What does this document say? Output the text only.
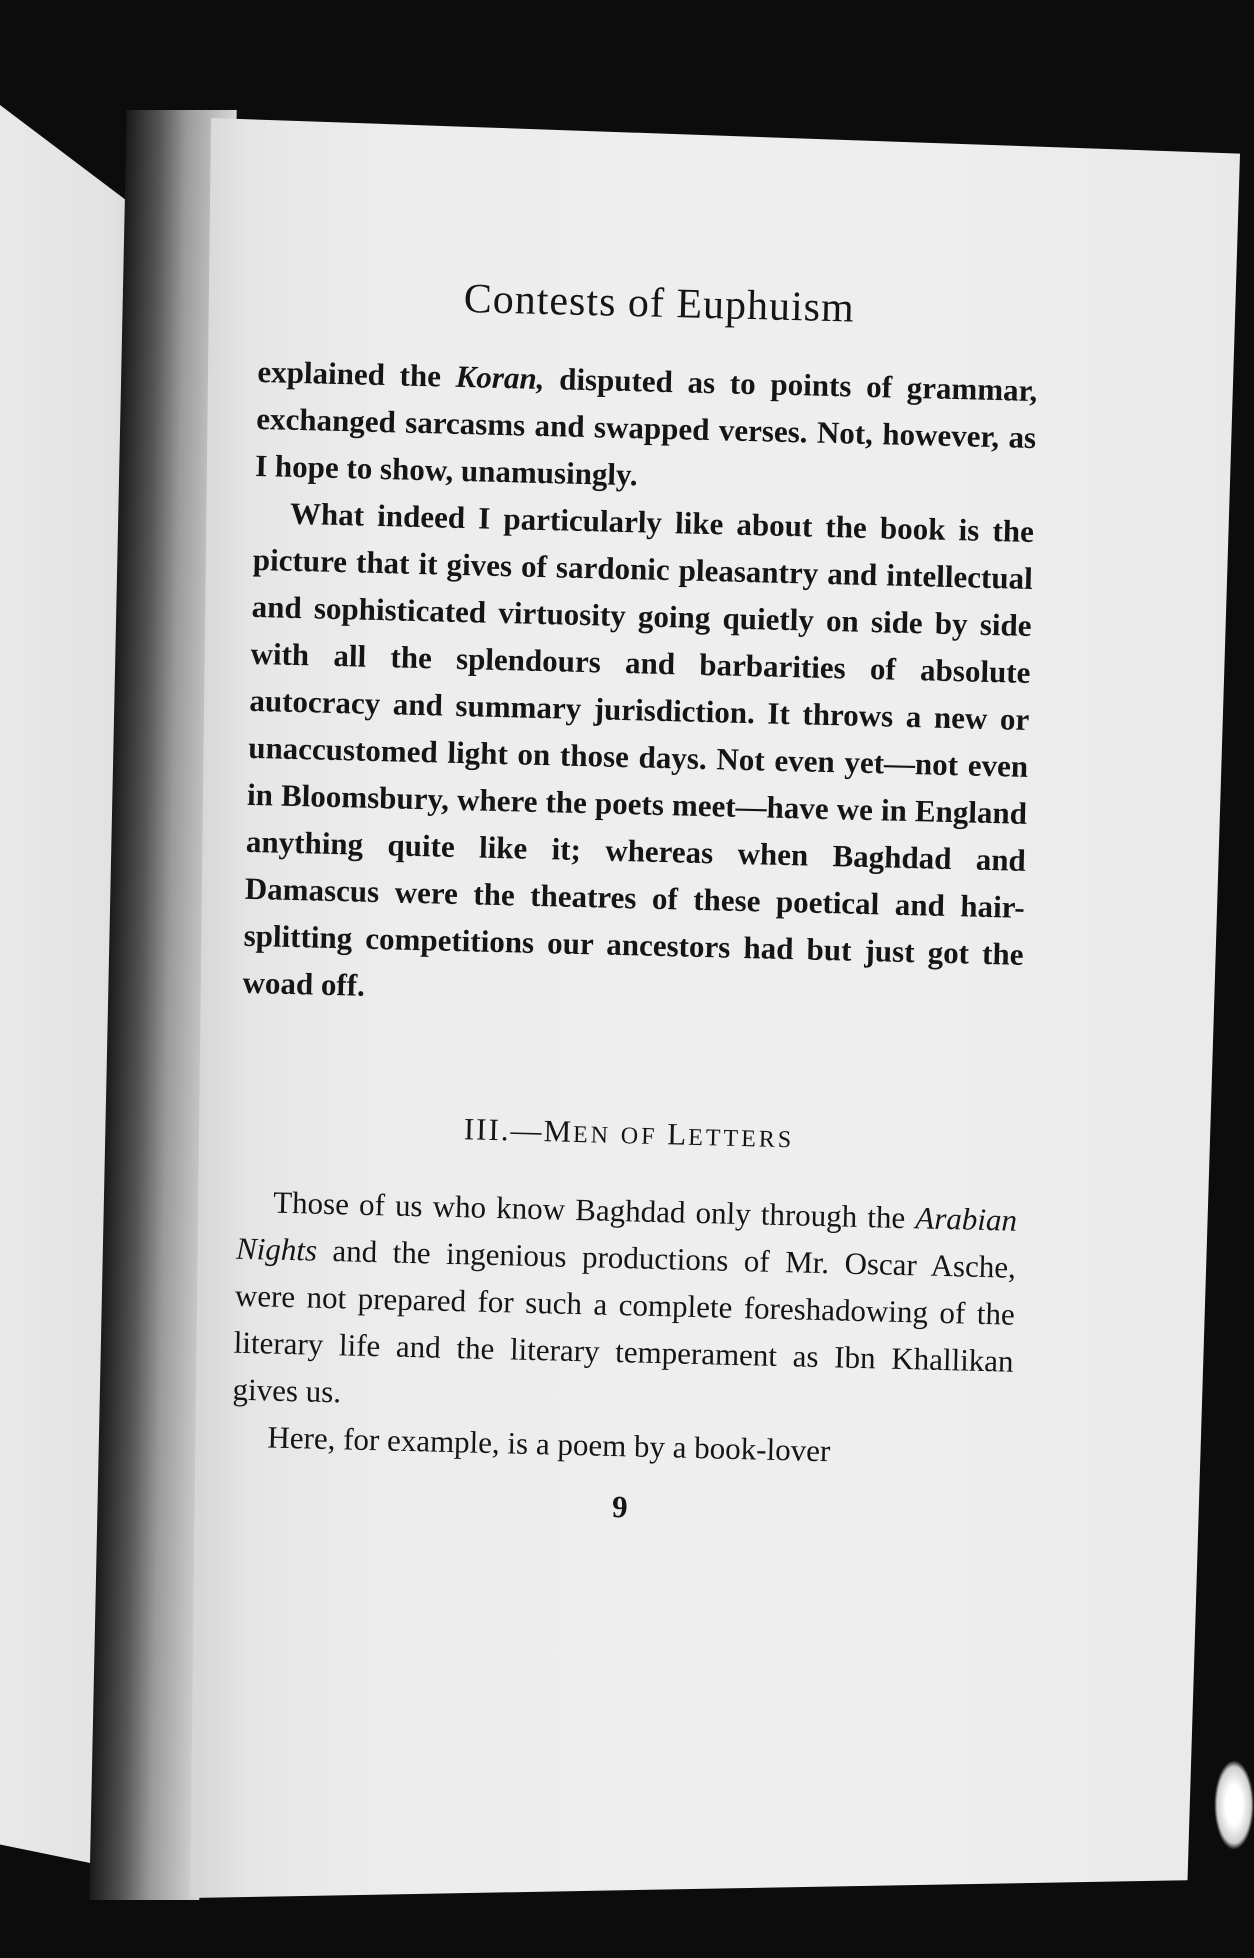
Contests of Euphuism

explained the Koran, disputed as to points of grammar, exchanged sarcasms and swapped verses. Not, however, as I hope to show, unamusingly.

What indeed I particularly like about the book is the picture that it gives of sardonic pleasantry and intellectual and sophisticated virtuosity going quietly on side by side with all the splendours and barbarities of absolute autocracy and summary jurisdiction. It throws a new or unaccustomed light on those days. Not even yet—not even in Bloomsbury, where the poets meet—have we in England anything quite like it; whereas when Baghdad and Damascus were the theatres of these poetical and hair-splitting competitions our ancestors had but just got the woad off.

III.—MEN OF LETTERS

Those of us who know Baghdad only through the Arabian Nights and the ingenious productions of Mr. Oscar Asche, were not prepared for such a complete foreshadowing of the literary life and the literary temperament as Ibn Khallikan gives us.

Here, for example, is a poem by a book-lover

9
